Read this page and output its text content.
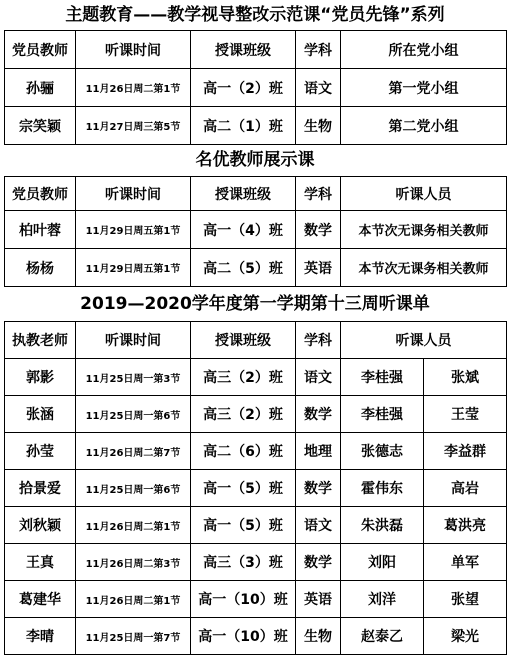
主题教育——教学视导整改示范课“党员先锋”系列
党员教师	听课时间	授课班级	学科	所在党小组
孙骊	11月26日周二第1节	高一（2）班	语文	第一党小组
宗笑颖	11月27日周三第5节	高二（1）班	生物	第二党小组
名优教师展示课
党员教师	听课时间	授课班级	学科	听课人员
柏叶蓉	11月29日周五第1节	高一（4）班	数学	本节次无课务相关教师
杨杨	11月29日周五第1节	高二（5）班	英语	本节次无课务相关教师
2019—2020学年度第一学期第十三周听课单
执教老师	听课时间	授课班级	学科	听课人员	
郭影	11月25日周一第3节	高三（2）班	语文	李桂强	张斌
张涵	11月25日周一第6节	高三（2）班	数学	李桂强	王莹
孙莹	11月26日周二第7节	高二（6）班	地理	张德志	李益群
拾景爱	11月25日周一第6节	高一（5）班	数学	霍伟东	高岩
刘秋颖	11月26日周二第1节	高一（5）班	语文	朱洪磊	葛洪亮
王真	11月26日周二第3节	高三（3）班	数学	刘阳	单军
葛建华	11月26日周二第1节	高一（10）班	英语	刘洋	张望
李晴	11月25日周一第7节	高一（10）班	生物	赵泰乙	梁光
